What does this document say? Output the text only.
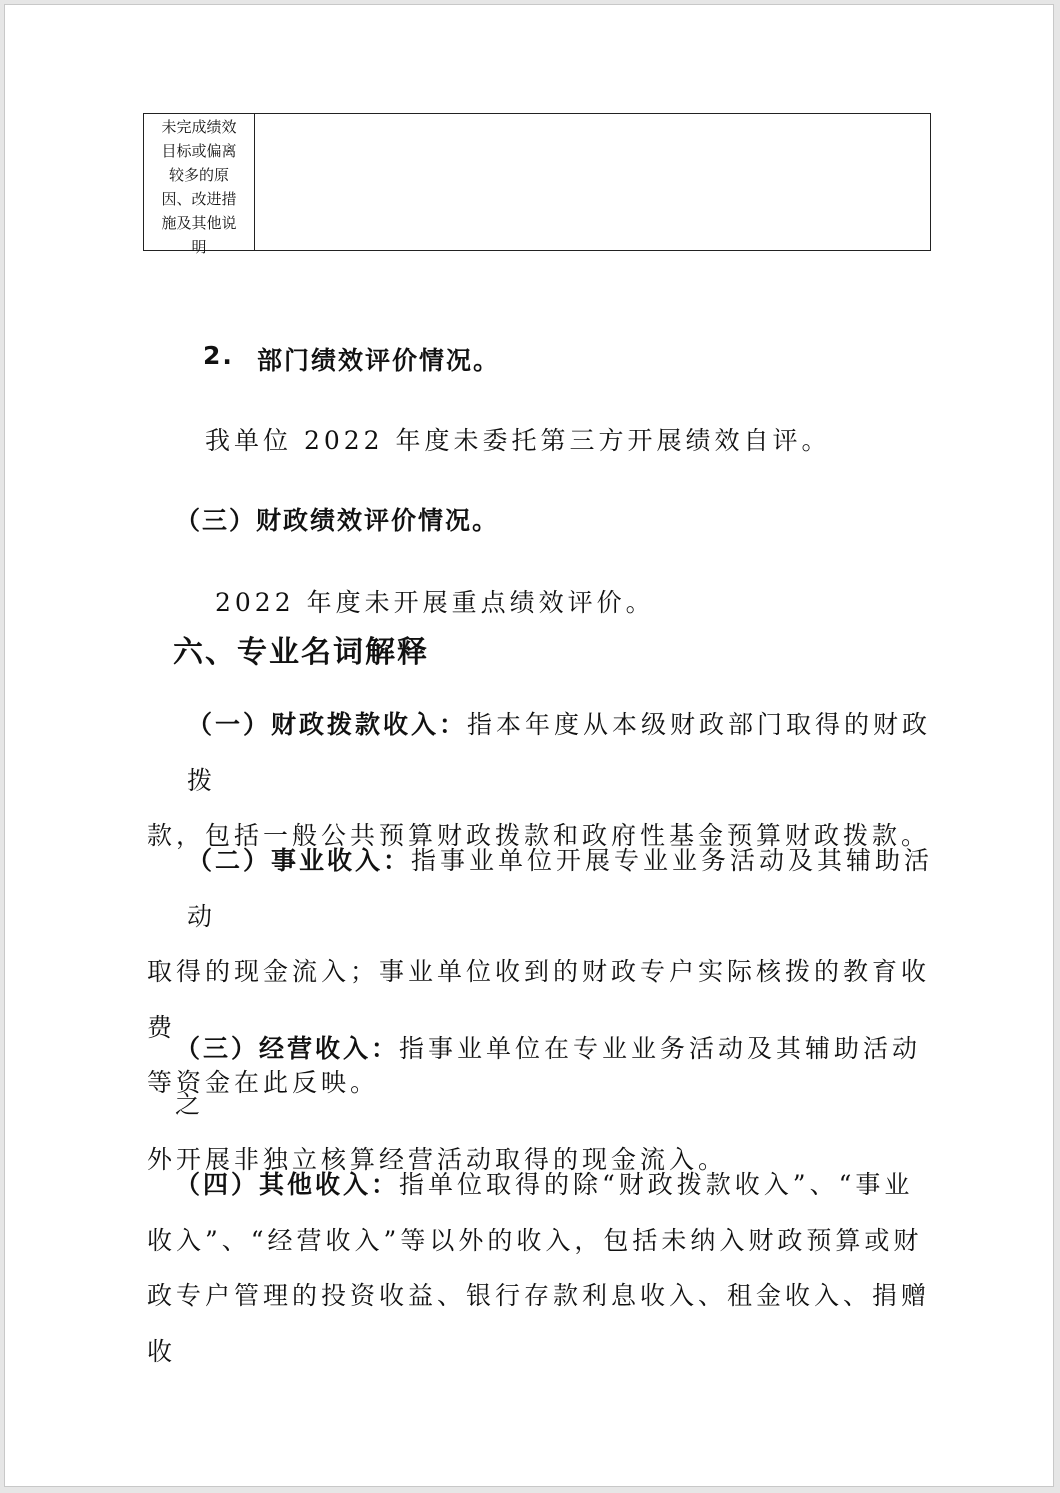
未完成绩效
目标或偏离
较多的原
因、改进措
施及其他说
明
2. 部门绩效评价情况。
我单位 2022 年度未委托第三方开展绩效自评。
（三）财政绩效评价情况。
2022 年度未开展重点绩效评价。
六、专业名词解释
（一）财政拨款收入：指本年度从本级财政部门取得的财政拨
款，包括一般公共预算财政拨款和政府性基金预算财政拨款。
（二）事业收入：指事业单位开展专业业务活动及其辅助活动
取得的现金流入；事业单位收到的财政专户实际核拨的教育收费
等资金在此反映。
（三）经营收入：指事业单位在专业业务活动及其辅助活动之
外开展非独立核算经营活动取得的现金流入。
（四）其他收入：指单位取得的除“财政拨款收入”、“事业
收入”、“经营收入”等以外的收入，包括未纳入财政预算或财
政专户管理的投资收益、银行存款利息收入、租金收入、捐赠收
